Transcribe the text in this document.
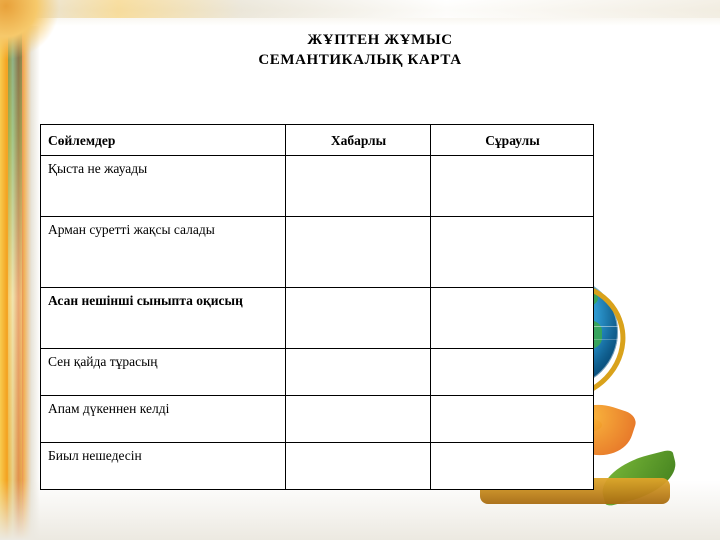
ЖҰПТЕН ЖҰМЫС
СЕМАНТИКАЛЫҚ КАРТА
Сөйлемдер	Хабарлы	Сұраулы
Қыста не жауады		
Арман суретті жақсы салады		
Асан нешінші сыныпта оқисың		
Сен қайда тұрасың		
Апам дүкеннен келді		
Биыл нешедесін		
